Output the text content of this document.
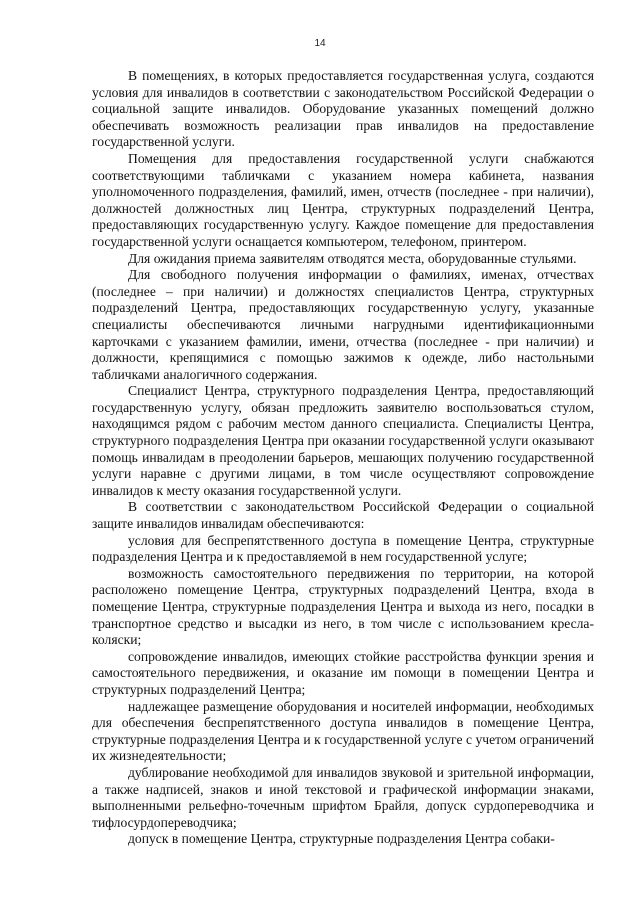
14

В помещениях, в которых предоставляется государственная услуга, создаются условия для инвалидов в соответствии с законодательством Российской Федерации о социальной защите инвалидов. Оборудование указанных помещений должно обеспечивать возможность реализации прав инвалидов на предоставление государственной услуги.

Помещения для предоставления государственной услуги снабжаются соответствующими табличками с указанием номера кабинета, названия уполномоченного подразделения, фамилий, имен, отчеств (последнее - при наличии), должностей должностных лиц Центра, структурных подразделений Центра, предоставляющих государственную услугу. Каждое помещение для предоставления государственной услуги оснащается компьютером, телефоном, принтером.

Для ожидания приема заявителям отводятся места, оборудованные стульями.

Для свободного получения информации о фамилиях, именах, отчествах (последнее – при наличии) и должностях специалистов Центра, структурных подразделений Центра, предоставляющих государственную услугу, указанные специалисты обеспечиваются личными нагрудными идентификационными карточками с указанием фамилии, имени, отчества (последнее - при наличии) и должности, крепящимися с помощью зажимов к одежде, либо настольными табличками аналогичного содержания.

Специалист Центра, структурного подразделения Центра, предоставляющий государственную услугу, обязан предложить заявителю воспользоваться стулом, находящимся рядом с рабочим местом данного специалиста. Специалисты Центра, структурного подразделения Центра при оказании государственной услуги оказывают помощь инвалидам в преодолении барьеров, мешающих получению государственной услуги наравне с другими лицами, в том числе осуществляют сопровождение инвалидов к месту оказания государственной услуги.

В соответствии с законодательством Российской Федерации о социальной защите инвалидов инвалидам обеспечиваются:

условия для беспрепятственного доступа в помещение Центра, структурные подразделения Центра и к предоставляемой в нем государственной услуге;

возможность самостоятельного передвижения по территории, на которой расположено помещение Центра, структурных подразделений Центра, входа в помещение Центра, структурные подразделения Центра и выхода из него, посадки в транспортное средство и высадки из него, в том числе с использованием кресла-коляски;

сопровождение инвалидов, имеющих стойкие расстройства функции зрения и самостоятельного передвижения, и оказание им помощи в помещении Центра и структурных подразделений Центра;

надлежащее размещение оборудования и носителей информации, необходимых для обеспечения беспрепятственного доступа инвалидов в помещение Центра, структурные подразделения Центра и к государственной услуге с учетом ограничений их жизнедеятельности;

дублирование необходимой для инвалидов звуковой и зрительной информации, а также надписей, знаков и иной текстовой и графической информации знаками, выполненными рельефно-точечным шрифтом Брайля, допуск сурдопереводчика и тифлосурдопереводчика;

допуск в помещение Центра, структурные подразделения Центра собаки-
